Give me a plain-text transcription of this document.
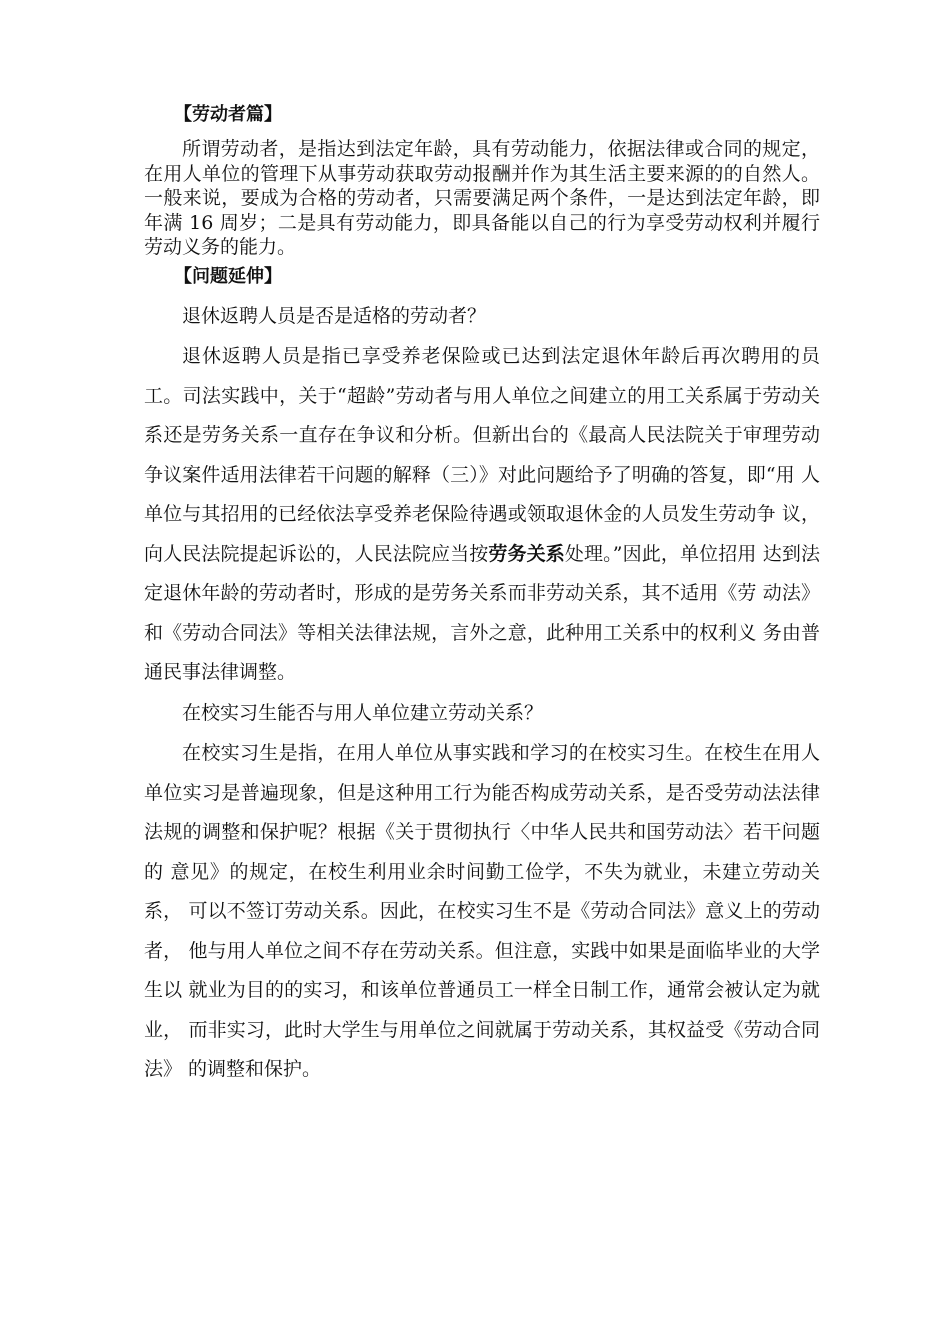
【劳动者篇】

所谓劳动者，是指达到法定年龄，具有劳动能力，依据法律或合同的规定，在用人单位的管理下从事劳动获取劳动报酬并作为其生活主要来源的的自然人。一般来说，要成为合格的劳动者，只需要满足两个条件，一是达到法定年龄，即年满 16 周岁；二是具有劳动能力，即具备能以自己的行为享受劳动权利并履行劳动义务的能力。

【问题延伸】

退休返聘人员是否是适格的劳动者？

退休返聘人员是指已享受养老保险或已达到法定退休年龄后再次聘用的员工。司法实践中，关于“超龄”劳动者与用人单位之间建立的用工关系属于劳动关系还是劳务关系一直存在争议和分析。但新出台的《最高人民法院关于审理劳动争议案件适用法律若干问题的解释（三）》对此问题给予了明确的答复，即“用 人单位与其招用的已经依法享受养老保险待遇或领取退休金的人员发生劳动争 议，向人民法院提起诉讼的，人民法院应当按劳务关系处理。”因此，单位招用 达到法定退休年龄的劳动者时，形成的是劳务关系而非劳动关系，其不适用《劳 动法》和《劳动合同法》等相关法律法规，言外之意，此种用工关系中的权利义 务由普通民事法律调整。

在校实习生能否与用人单位建立劳动关系？

在校实习生是指，在用人单位从事实践和学习的在校实习生。在校生在用人单位实习是普遍现象，但是这种用工行为能否构成劳动关系，是否受劳动法法律法规的调整和保护呢？根据《关于贯彻执行〈中华人民共和国劳动法〉若干问题的 意见》的规定，在校生利用业余时间勤工俭学，不失为就业，未建立劳动关系， 可以不签订劳动关系。因此，在校实习生不是《劳动合同法》意义上的劳动者， 他与用人单位之间不存在劳动关系。但注意，实践中如果是面临毕业的大学生以 就业为目的的实习，和该单位普通员工一样全日制工作，通常会被认定为就业， 而非实习，此时大学生与用单位之间就属于劳动关系，其权益受《劳动合同法》 的调整和保护。
